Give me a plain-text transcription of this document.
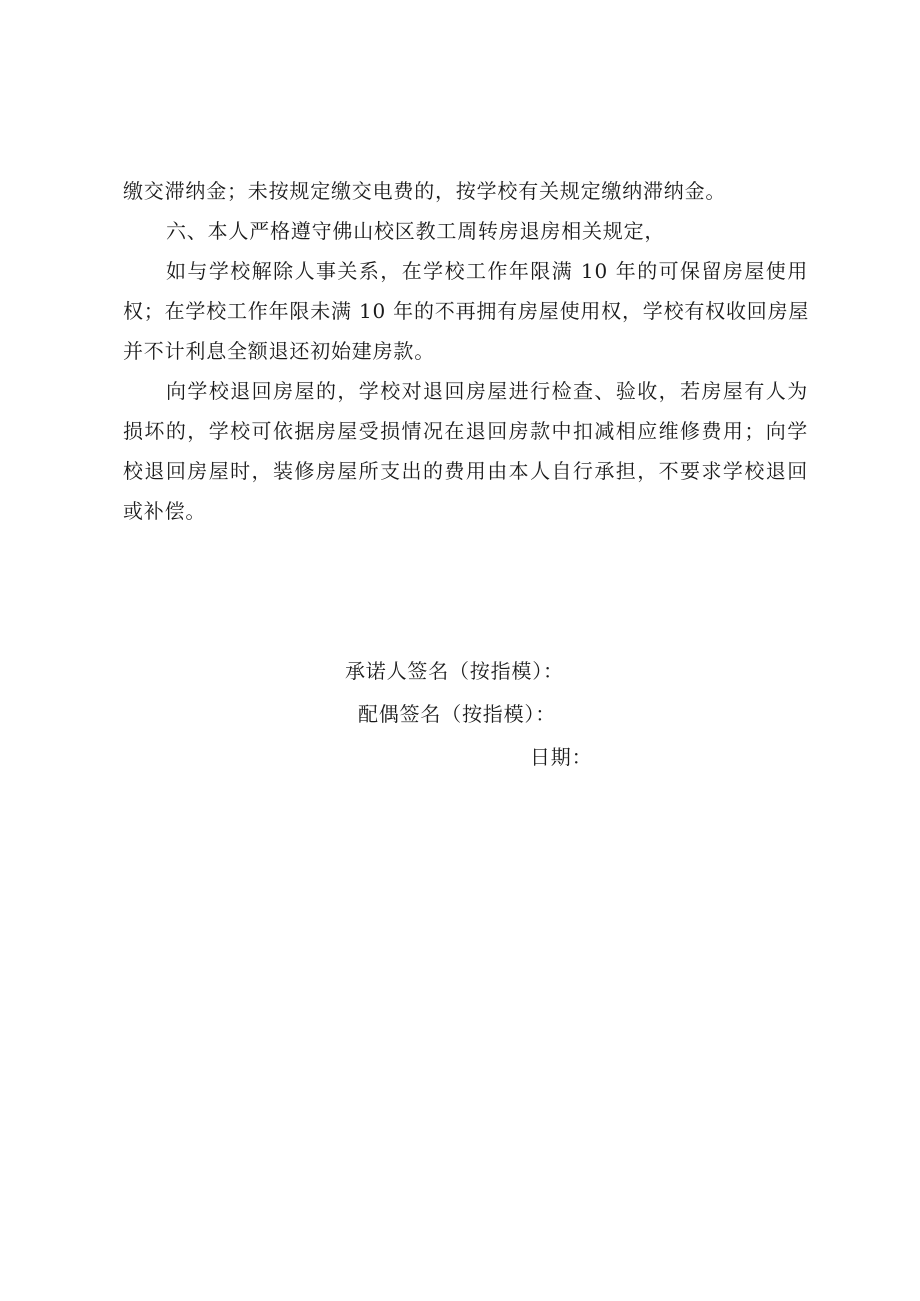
缴交滞纳金；未按规定缴交电费的，按学校有关规定缴纳滞纳金。
六、本人严格遵守佛山校区教工周转房退房相关规定，
如与学校解除人事关系，在学校工作年限满 10 年的可保留房屋使用
权；在学校工作年限未满 10 年的不再拥有房屋使用权，学校有权收回房屋
并不计利息全额退还初始建房款。
向学校退回房屋的，学校对退回房屋进行检查、验收，若房屋有人为
损坏的，学校可依据房屋受损情况在退回房款中扣减相应维修费用；向学
校退回房屋时，装修房屋所支出的费用由本人自行承担，不要求学校退回
或补偿。
承诺人签名（按指模）：
配偶签名（按指模）：
日期：
